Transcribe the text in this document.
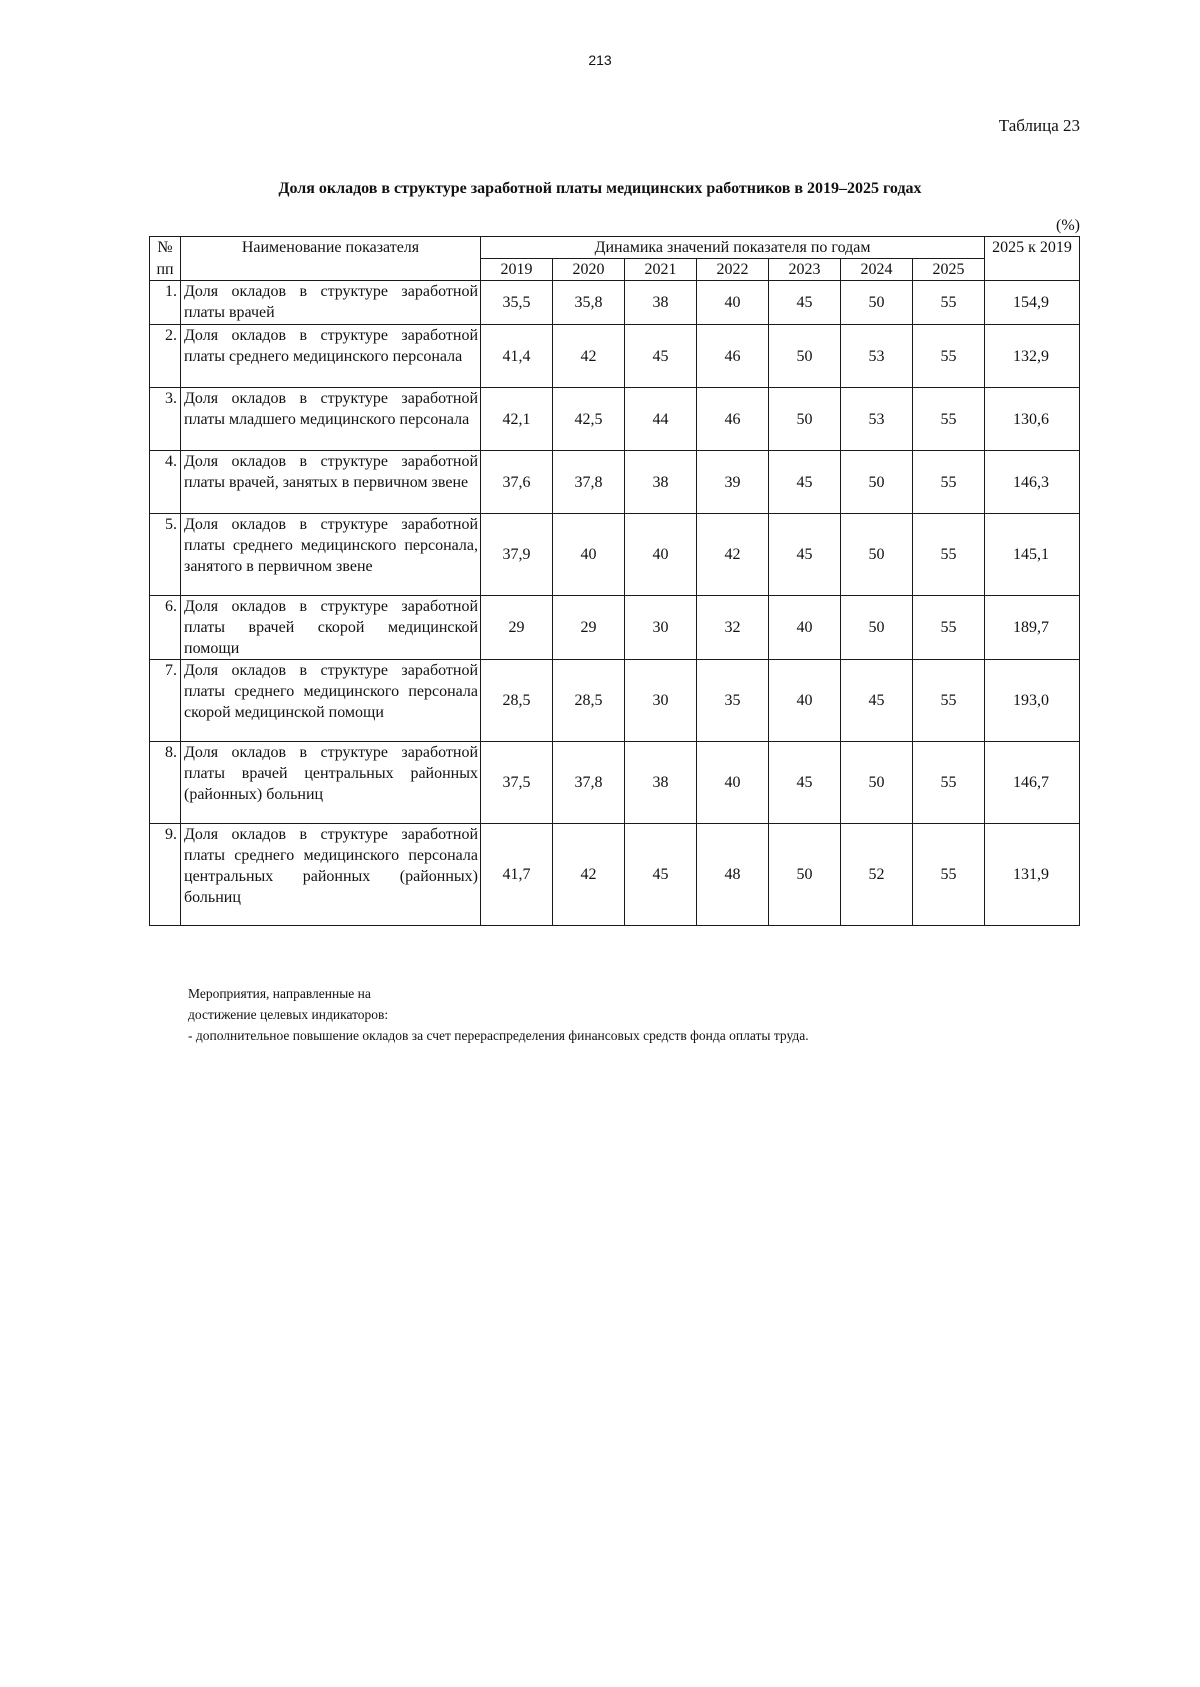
213
Таблица 23
Доля окладов в структуре заработной платы медицинских работников в 2019–2025 годах
(%)
№	Наименование показателя	Динамика значений показателя по годам							2025 к 2019
пп		2019	2020	2021	2022	2023	2024	2025	
1.	Доля окладов в структуре заработной платы врачей	35,5	35,8	38	40	45	50	55	154,9
2.	Доля окладов в структуре заработной платы среднего медицинского персонала	41,4	42	45	46	50	53	55	132,9
3.	Доля окладов в структуре заработной платы младшего медицинского персонала	42,1	42,5	44	46	50	53	55	130,6
4.	Доля окладов в структуре заработной платы врачей, занятых в первичном звене	37,6	37,8	38	39	45	50	55	146,3
5.	Доля окладов в структуре заработной платы среднего медицинского персонала, занятого в первичном звене	37,9	40	40	42	45	50	55	145,1
6.	Доля окладов в структуре заработной платы врачей скорой медицинской помощи	29	29	30	32	40	50	55	189,7
7.	Доля окладов в структуре заработной платы среднего медицинского персонала скорой медицинской помощи	28,5	28,5	30	35	40	45	55	193,0
8.	Доля окладов в структуре заработной платы врачей центральных районных (районных) больниц	37,5	37,8	38	40	45	50	55	146,7
9.	Доля окладов в структуре заработной платы среднего медицинского персонала центральных районных (районных) больниц	41,7	42	45	48	50	52	55	131,9
Мероприятия, направленные на
достижение целевых индикаторов:
- дополнительное повышение окладов за счет перераспределения финансовых средств фонда оплаты труда.
